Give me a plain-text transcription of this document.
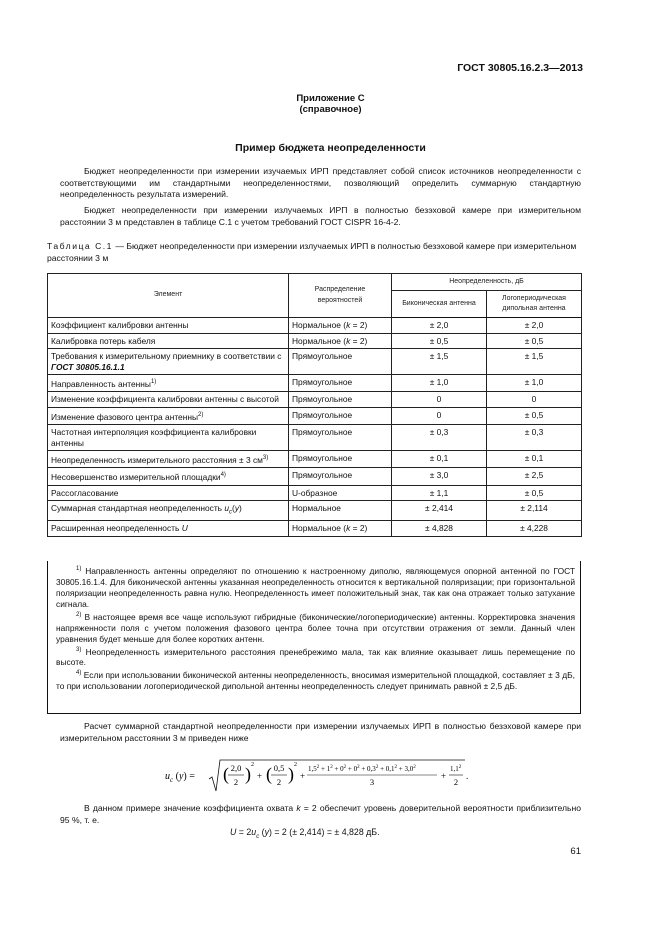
ГОСТ 30805.16.2.3—2013
Приложение С
(справочное)
Пример бюджета неопределенности
Бюджет неопределенности при измерении изучаемых ИРП представляет собой список источников неопределенности с соответствующими им стандартными неопределенностями, позволяющий определить суммарную стандартную неопределенность результата измерений.
Бюджет неопределенности при измерении излучаемых ИРП в полностью безэховой камере при измерительном расстоянии 3 м представлен в таблице С.1 с учетом требований ГОСТ CISPR 16-4-2.
Таблица С.1 — Бюджет неопределенности при измерении излучаемых ИРП в полностью безэховой камере при измерительном расстоянии 3 м
Элемент	Распределение вероятностей	Неопределенность, дБ	
		Биконическая антенна	Логопериодическая дипольная антенна
Коэффициент калибровки антенны	Нормальное (k = 2)	± 2,0	± 2,0
Калибровка потерь кабеля	Нормальное (k = 2)	± 0,5	± 0,5
Требования к измерительному приемнику в соответствии с ГОСТ 30805.16.1.1	Прямоугольное	± 1,5	± 1,5
Направленность антенны$^{1)}$	Прямоугольное	± 1,0	± 1,0
Изменение коэффициента калибровки антенны с высотой	Прямоугольное	0	0
Изменение фазового центра антенны$^{2)}$	Прямоугольное	0	± 0,5
Частотная интерполяция коэффициента калибровки антенны	Прямоугольное	± 0,3	± 0,3
Неопределенность измерительного расстояния ± 3 $см^{3)}$	Прямоугольное	± 0,1	± 0,1
Несовершенство измерительной площадки$^{4)}$	Прямоугольное	± 3,0	± 2,5
Рассогласование	U-образное	± 1,1	± 0,5
Суммарная стандартная неопределенность $u_c(y)$	Нормальное	± 2,414	± 2,114
Расширенная неопределенность U	Нормальное (k = 2)	± 4,828	± 4,228

$^{1)}$ Направленность антенны определяют по отношению к настроенному диполю, являющемуся опорной антенной по ГОСТ 30805.16.1.4. Для биконической антенны указанная неопределенность относится к вертикальной поляризации; при горизонтальной поляризации неопределенность равна нулю. Неопределенность имеет положительный знак, так как она отражает только затухание сигнала.

$^{2)}$ В настоящее время все чаще используют гибридные (биконические/логопериодические) антенны. Корректировка значения напряженности поля с учетом положения фазового центра более точна при отсутствии отражения от земли. Данный член уравнения будет меньше для более коротких антенн.

$^{3)}$ Неопределенность измерительного расстояния пренебрежимо мала, так как влияние оказывает лишь перемещение по высоте.

$^{4)}$ Если при использовании биконической антенны неопределенность, вносимая измерительной площадкой, составляет ± 3 дБ, то при использовании логопериодической дипольной антенны неопределенность следует принимать равной ± 2,5 дБ.

Расчет суммарной стандартной неопределенности при измерении излучаемых ИРП в полностью безэховой камере при измерительном расстоянии 3 м приведен ниже
$u_c$ (y) = ( 2,0
2 ) 2
+ ( 0,5
2 ) 2
+
$1,5^2 + 1^2 + 0^2 + 0^2 + 0,3^2 + 0,1^2 + 3,0^2$
3
+
$1,1^2$
2
.
В данном примере значение коэффициента охвата k = 2 обеспечит уровень доверительной вероятности приблизительно 95 %, т. е.
$U = 2u_c$ (y) = 2 (± 2,414) = ± 4,828 дБ.
61
